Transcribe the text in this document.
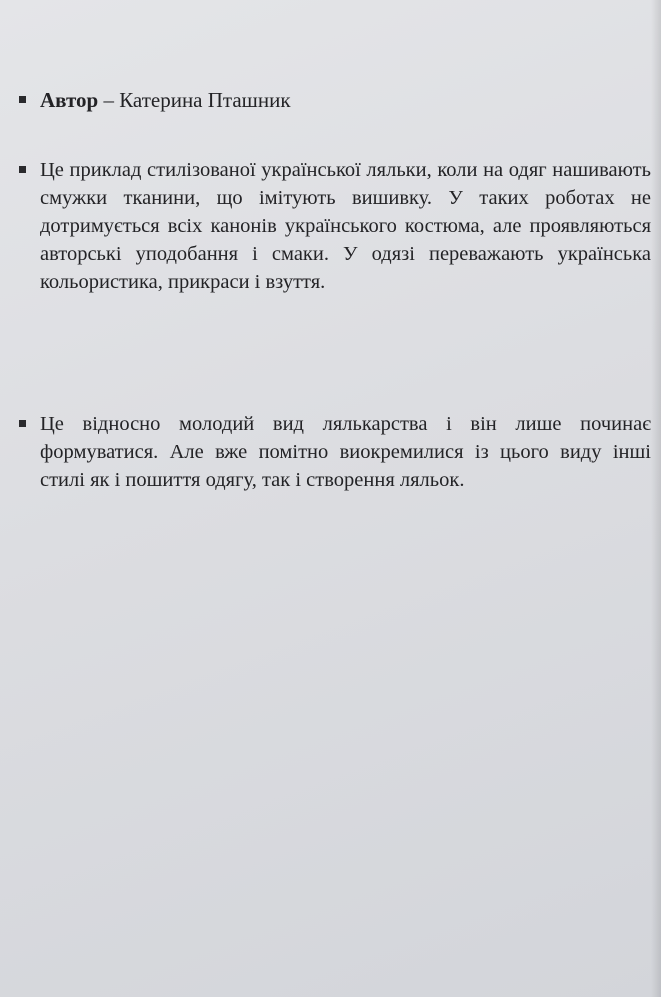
Автор – Катерина Пташник
Це приклад стилізованої української ляльки, коли на одяг нашивають смужки тканини, що імітують вишивку. У таких роботах не дотримується всіх канонів українського костюма, але проявляються авторські уподобання і смаки. У одязі переважають українська кольористика, прикраси і взуття.
Це відносно молодий вид лялькарства і він лише починає формуватися. Але вже помітно виокремилися із цього виду інші стилі як і пошиття одягу, так і створення ляльок.
